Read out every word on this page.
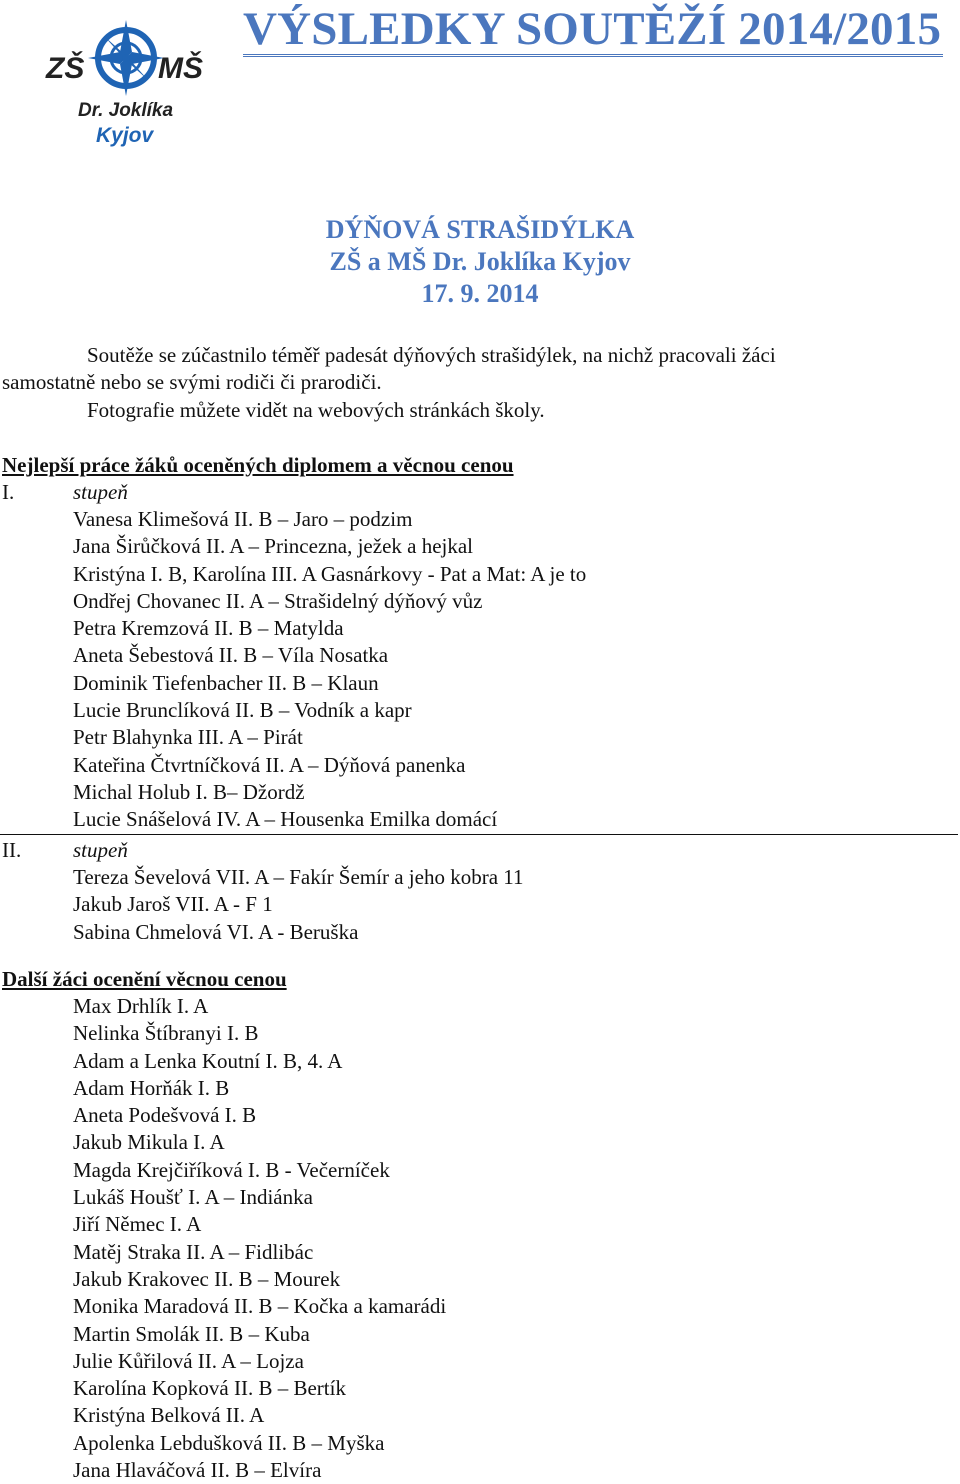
ZŠ MŠ
Dr. Joklíka
Kyjov
VÝSLEDKY SOUTĚŽÍ 2014/2015
DÝŇOVÁ STRAŠIDÝLKA
ZŠ a MŠ Dr. Joklíka Kyjov
17. 9. 2014

Soutěže se zúčastnilo téměř padesát dýňových strašidýlek, na nichž pracovali žáci

samostatně nebo se svými rodiči či prarodiči.

Fotografie můžete vidět na webových stránkách školy.

Nejlepší práce žáků oceněných diplomem a věcnou cenou

I.	stupeň

Vanesa Klimešová II. B – Jaro – podzim
Jana Širůčková II. A – Princezna, ježek a hejkal
Kristýna I. B, Karolína III. A Gasnárkovy - Pat a Mat: A je to
Ondřej Chovanec II. A – Strašidelný dýňový vůz
Petra Kremzová II. B – Matylda
Aneta Šebestová II. B – Víla Nosatka
Dominik Tiefenbacher II. B – Klaun
Lucie Brunclíková II. B – Vodník a kapr
Petr Blahynka III. A – Pirát
Kateřina Čtvrtníčková II. A – Dýňová panenka
Michal Holub I. B– Džordž
Lucie Snášelová IV. A – Housenka Emilka domácí

II. stupeň

Tereza Ševelová VII. A – Fakír Šemír a jeho kobra 11
Jakub Jaroš VII. A - F 1
Sabina Chmelová VI. A - Beruška

Další žáci ocenění věcnou cenou

Max Drhlík I. A
Nelinka Štíbranyi I. B
Adam a Lenka Koutní I. B, 4. A
Adam Horňák I. B
Aneta Podešvová I. B
Jakub Mikula I. A
Magda Krejčiříková I. B - Večerníček
Lukáš Houšť I. A – Indiánka
Jiří Němec I. A
Matěj Straka II. A – Fidlibác
Jakub Krakovec II. B – Mourek
Monika Maradová II. B – Kočka a kamarádi
Martin Smolák II. B – Kuba
Julie Kůřilová II. A – Lojza
Karolína Kopková II. B – Bertík
Kristýna Belková II. A
Apolenka Lebdušková II. B – Myška
Jana Hlaváčová II. B – Elvíra
